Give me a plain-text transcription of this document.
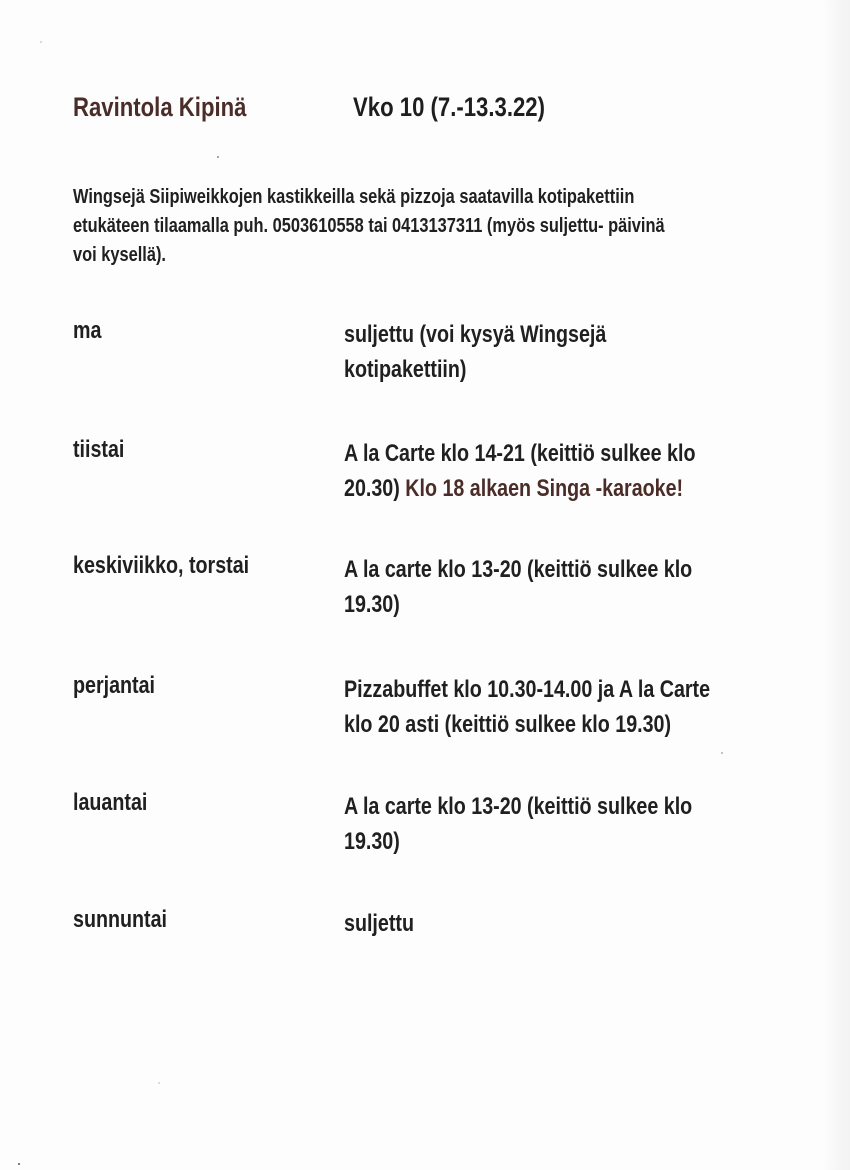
Ravintola Kipinä	Vko 10 (7.-13.3.22)
Wingsejä Siipiweikkojen kastikkeilla sekä pizzoja saatavilla kotipakettiin
etukäteen tilaamalla puh. 0503610558 tai 0413137311 (myös suljettu- päivinä
voi kysellä).
ma	suljettu (voi kysyä Wingsejä
kotipakettiin)
tiistai	A la Carte klo 14-21 (keittiö sulkee klo
20.30) Klo 18 alkaen Singa -karaoke!
keskiviikko, torstai	A la carte klo 13-20 (keittiö sulkee klo
19.30)
perjantai	Pizzabuffet klo 10.30-14.00 ja A la Carte
klo 20 asti (keittiö sulkee klo 19.30)
lauantai	A la carte klo 13-20 (keittiö sulkee klo
19.30)
sunnuntai	suljettu
